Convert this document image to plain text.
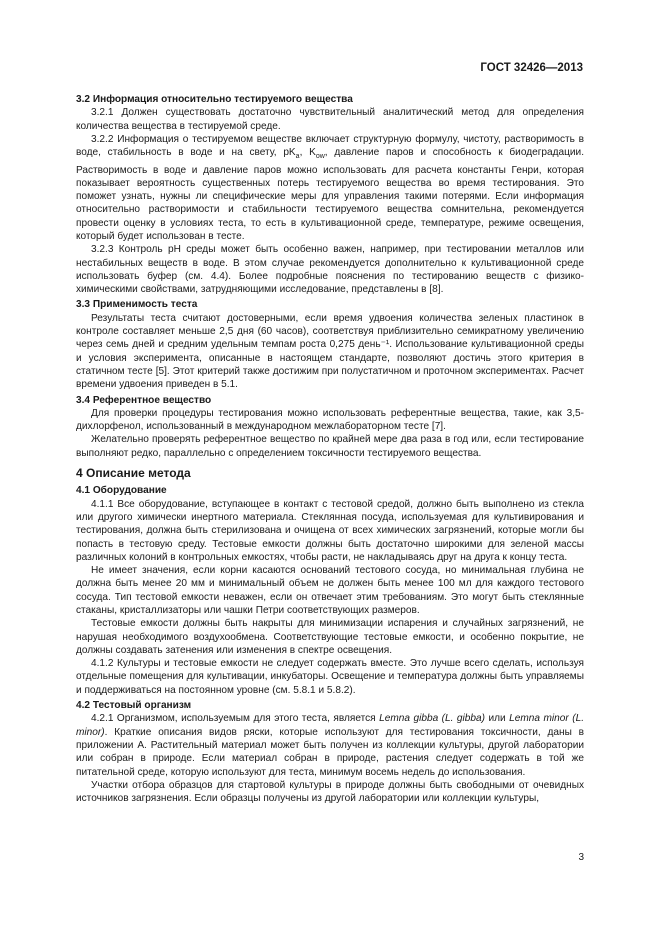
ГОСТ 32426—2013

3.2 Информация относительно тестируемого вещества

3.2.1 Должен существовать достаточно чувствительный аналитический метод для определения количества вещества в тестируемой среде.

3.2.2 Информация о тестируемом веществе включает структурную формулу, чистоту, растворимость в воде, стабильность в воде и на свету, $pK_a$, $K_{ow}$, давление паров и способность к биодеградации. Растворимость в воде и давление паров можно использовать для расчета константы Генри, которая показывает вероятность существенных потерь тестируемого вещества во время тестирования. Это поможет узнать, нужны ли специфические меры для управления такими потерями. Если информация относительно растворимости и стабильности тестируемого вещества сомнительна, рекомендуется провести оценку в условиях теста, то есть в культивационной среде, температуре, режиме освещения, который будет использован в тесте.

3.2.3 Контроль pH среды может быть особенно важен, например, при тестировании металлов или нестабильных веществ в воде. В этом случае рекомендуется дополнительно к культивационной среде использовать буфер (см. 4.4). Более подробные пояснения по тестированию веществ с физико-химическими свойствами, затрудняющими исследование, представлены в [8].

3.3 Применимость теста

Результаты теста считают достоверными, если время удвоения количества зеленых пластинок в контроле составляет меньше 2,5 дня (60 часов), соответствуя приблизительно семикратному увеличению через семь дней и средним удельным темпам роста 0,275 день⁻¹. Использование культивационной среды и условия эксперимента, описанные в настоящем стандарте, позволяют достичь этого критерия в статичном тесте [5]. Этот критерий также достижим при полустатичном и проточном экспериментах. Расчет времени удвоения приведен в 5.1.

3.4 Референтное вещество

Для проверки процедуры тестирования можно использовать референтные вещества, такие, как 3,5-дихлорфенол, использованный в международном межлабораторном тесте [7].

Желательно проверять референтное вещество по крайней мере два раза в год или, если тестирование выполняют редко, параллельно с определением токсичности тестируемого вещества.

4 Описание метода

4.1 Оборудование

4.1.1 Все оборудование, вступающее в контакт с тестовой средой, должно быть выполнено из стекла или другого химически инертного материала. Стеклянная посуда, используемая для культивирования и тестирования, должна быть стерилизована и очищена от всех химических загрязнений, которые могли бы попасть в тестовую среду. Тестовые емкости должны быть достаточно широкими для зеленой массы различных колоний в контрольных емкостях, чтобы расти, не накладываясь друг на друга к концу теста.

Не имеет значения, если корни касаются оснований тестового сосуда, но минимальная глубина не должна быть менее 20 мм и минимальный объем не должен быть менее 100 мл для каждого тестового сосуда. Тип тестовой емкости неважен, если он отвечает этим требованиям. Это могут быть стеклянные стаканы, кристаллизаторы или чашки Петри соответствующих размеров.

Тестовые емкости должны быть накрыты для минимизации испарения и случайных загрязнений, не нарушая необходимого воздухообмена. Соответствующие тестовые емкости, и особенно покрытие, не должны создавать затенения или изменения в спектре освещения.

4.1.2 Культуры и тестовые емкости не следует содержать вместе. Это лучше всего сделать, используя отдельные помещения для культивации, инкубаторы. Освещение и температура должны быть управляемы и поддерживаться на постоянном уровне (см. 5.8.1 и 5.8.2).

4.2 Тестовый организм

4.2.1 Организмом, используемым для этого теста, является Lemna gibba (L. gibba) или Lemna minor (L. minor). Краткие описания видов ряски, которые используют для тестирования токсичности, даны в приложении А. Растительный материал может быть получен из коллекции культуры, другой лаборатории или собран в природе. Если материал собран в природе, растения следует содержать в той же питательной среде, которую используют для теста, минимум восемь недель до использования.

Участки отбора образцов для стартовой культуры в природе должны быть свободными от очевидных источников загрязнения. Если образцы получены из другой лаборатории или коллекции культуры,

3
